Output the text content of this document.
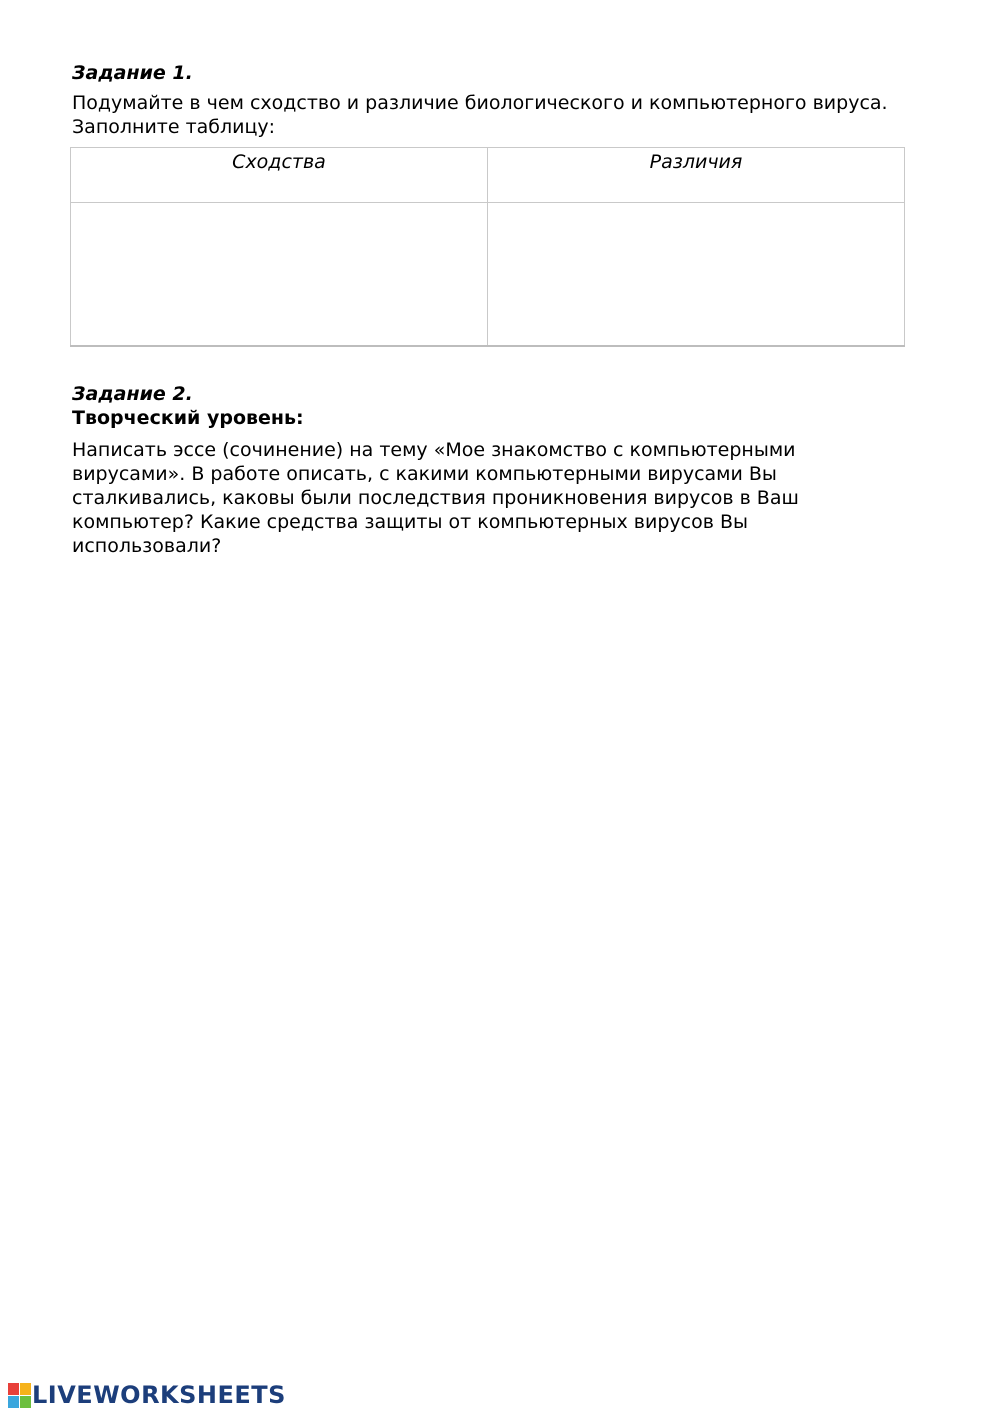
Задание 1.

Подумайте в чем сходство и различие биологического и компьютерного вируса.
Заполните таблицу:

Сходства	Различия

Задание 2.

Творческий уровень:

Написать эссе (сочинение) на тему «Мое знакомство с компьютерными
вирусами». В работе описать, с какими компьютерными вирусами Вы
сталкивались, каковы были последствия проникновения вирусов в Ваш
компьютер? Какие средства защиты от компьютерных вирусов Вы
использовали?

LIVEWORKSHEETS
